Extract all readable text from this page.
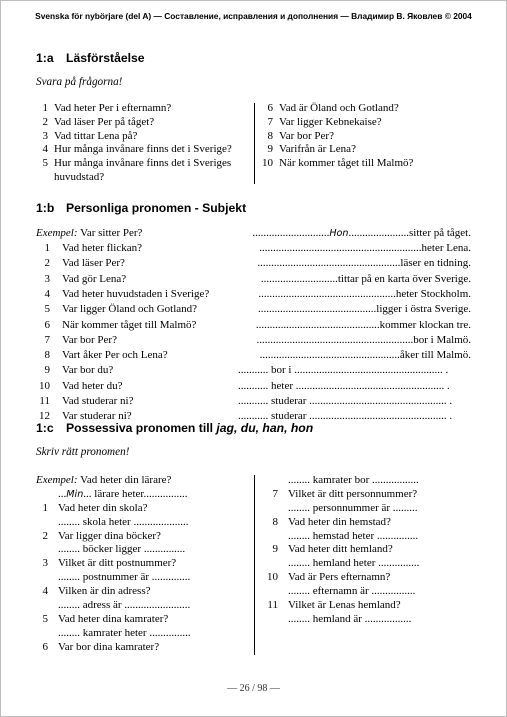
Svenska för nybörjare (del A) — Составление, исправления и дополнения — Владимир В. Яковлев © 2004
1:a Läsförståelse
Svara på frågorna!
1 Vad heter Per i efternamn?
2 Vad läser Per på tåget?
3 Vad tittar Lena på?
4 Hur många invånare finns det i Sverige?
5 Hur många invånare finns det i Sveriges
huvudstad?
6 Vad är Öland och Gotland?
7 Var ligger Kebnekaise?
8 Var bor Per?
9 Varifrån är Lena?
10 När kommer tåget till Malmö?
1:b Personliga pronomen - Subjekt
Exempel: Var sitter Per?	............................Hon......................sitter på tåget.
1 Vad heter flickan?	...........................................................heter Lena.
2 Vad läser Per?	....................................................läser en tidning.
3 Vad gör Lena?	............................tittar på en karta över Sverige.
4 Vad heter huvudstaden i Sverige?	..................................................heter Stockholm.
5 Var ligger Öland och Gotland?	...........................................ligger i östra Sverige.
6 När kommer tåget till Malmö?	.............................................kommer klockan tre.
7 Var bor Per?	.........................................................bor i Malmö.
8 Vart åker Per och Lena?	...................................................åker till Malmö.
9 Var bor du?	........... bor i ...................................................... .
10 Vad heter du?	........... heter ...................................................... .
11 Vad studerar ni?	........... studerar .................................................. .
12 Var studerar ni?	........... studerar .................................................. .
1:c Possessiva pronomen till jag, du, han, hon
Skriv rätt pronomen!
Exempel: Vad heter din lärare?
...Min... lärare heter................
1 Vad heter din skola?
........ skola heter ....................
2 Var ligger dina böcker?
........ böcker ligger ...............
3 Vilket är ditt postnummer?
........ postnummer är ..............
4 Vilken är din adress?
........ adress är ........................
5 Vad heter dina kamrater?
........ kamrater heter ...............
6 Var bor dina kamrater?
........ kamrater bor .................
7 Vilket är ditt personnummer?
........ personnummer är .........
8 Vad heter din hemstad?
........ hemstad heter ...............
9 Vad heter ditt hemland?
........ hemland heter ...............
10 Vad är Pers efternamn?
........ efternamn är ................
11 Vilket är Lenas hemland?
........ hemland är .................
— 26 / 98 —
